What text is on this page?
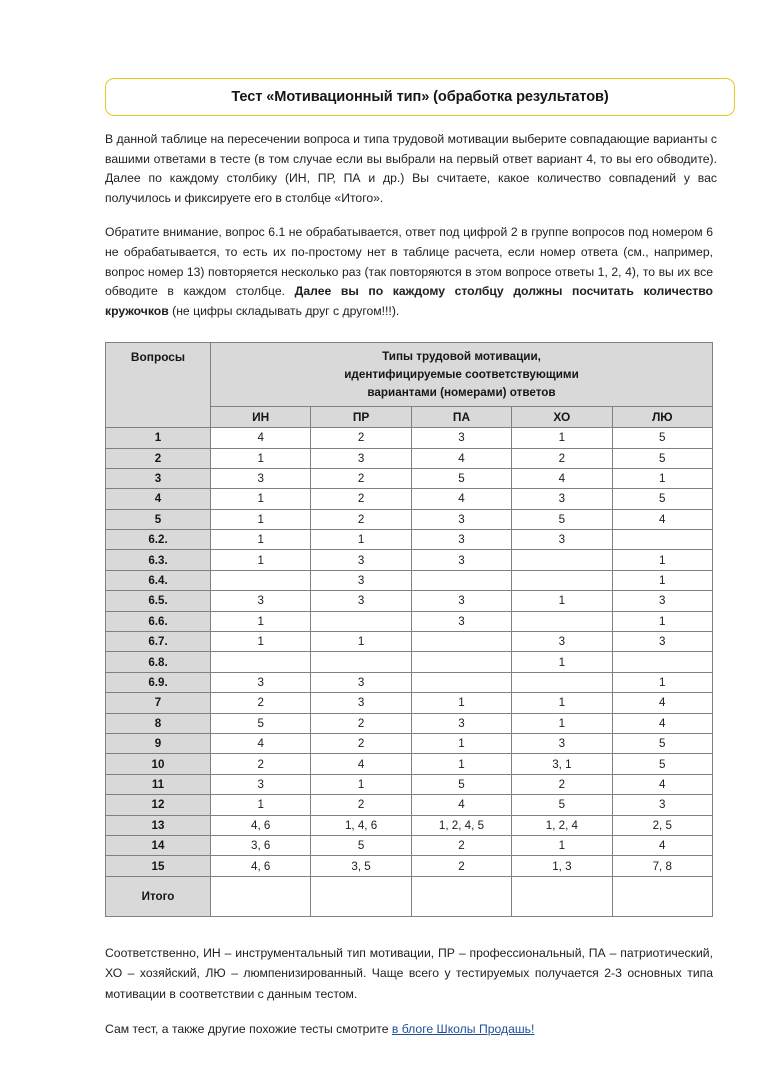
Тест «Мотивационный тип» (обработка результатов)

В данной таблице на пересечении вопроса и типа трудовой мотивации выберите совпадающие варианты с вашими ответами в тесте (в том случае если вы выбрали на первый ответ вариант 4, то вы его обводите). Далее по каждому столбику (ИН, ПР, ПА и др.) Вы считаете, какое количество совпадений у вас получилось и фиксируете его в столбце «Итого».

Обратите внимание, вопрос 6.1 не обрабатывается, ответ под цифрой 2 в группе вопросов под номером 6 не обрабатывается, то есть их по-простому нет в таблице расчета, если номер ответа (см., например, вопрос номер 13) повторяется несколько раз (так повторяются в этом вопросе ответы 1, 2, 4), то вы их все обводите в каждом столбце. Далее вы по каждому столбцу должны посчитать количество кружочков (не цифры складывать друг с другом!!!).

Вопросы	Типы трудовой мотивации,
идентифицируемые соответствующими
вариантами (номерами) ответов				

	ИН	ПР	ПА	ХО	ЛЮ
1	4	2	3	1	5
2	1	3	4	2	5
3	3	2	5	4	1
4	1	2	4	3	5
5	1	2	3	5	4
6.2.	1	1	3	3	
6.3.	1	3	3		1
6.4.		3			1
6.5.	3	3	3	1	3
6.6.	1		3		1
6.7.	1	1		3	3
6.8.				1	
6.9.	3	3			1
7	2	3	1	1	4
8	5	2	3	1	4
9	4	2	1	3	5
10	2	4	1	3, 1	5
11	3	1	5	2	4
12	1	2	4	5	3
13	4, 6	1, 4, 6	1, 2, 4, 5	1, 2, 4	2, 5
14	3, 6	5	2	1	4
15	4, 6	3, 5	2	1, 3	7, 8
Итого					

Соответственно, ИН – инструментальный тип мотивации, ПР – профессиональный, ПА – патриотический, ХО – хозяйский, ЛЮ – люмпенизированный. Чаще всего у тестируемых получается 2-3 основных типа мотивации в соответствии с данным тестом.

Сам тест, а также другие похожие тесты смотрите в блоге Школы Продашь!
